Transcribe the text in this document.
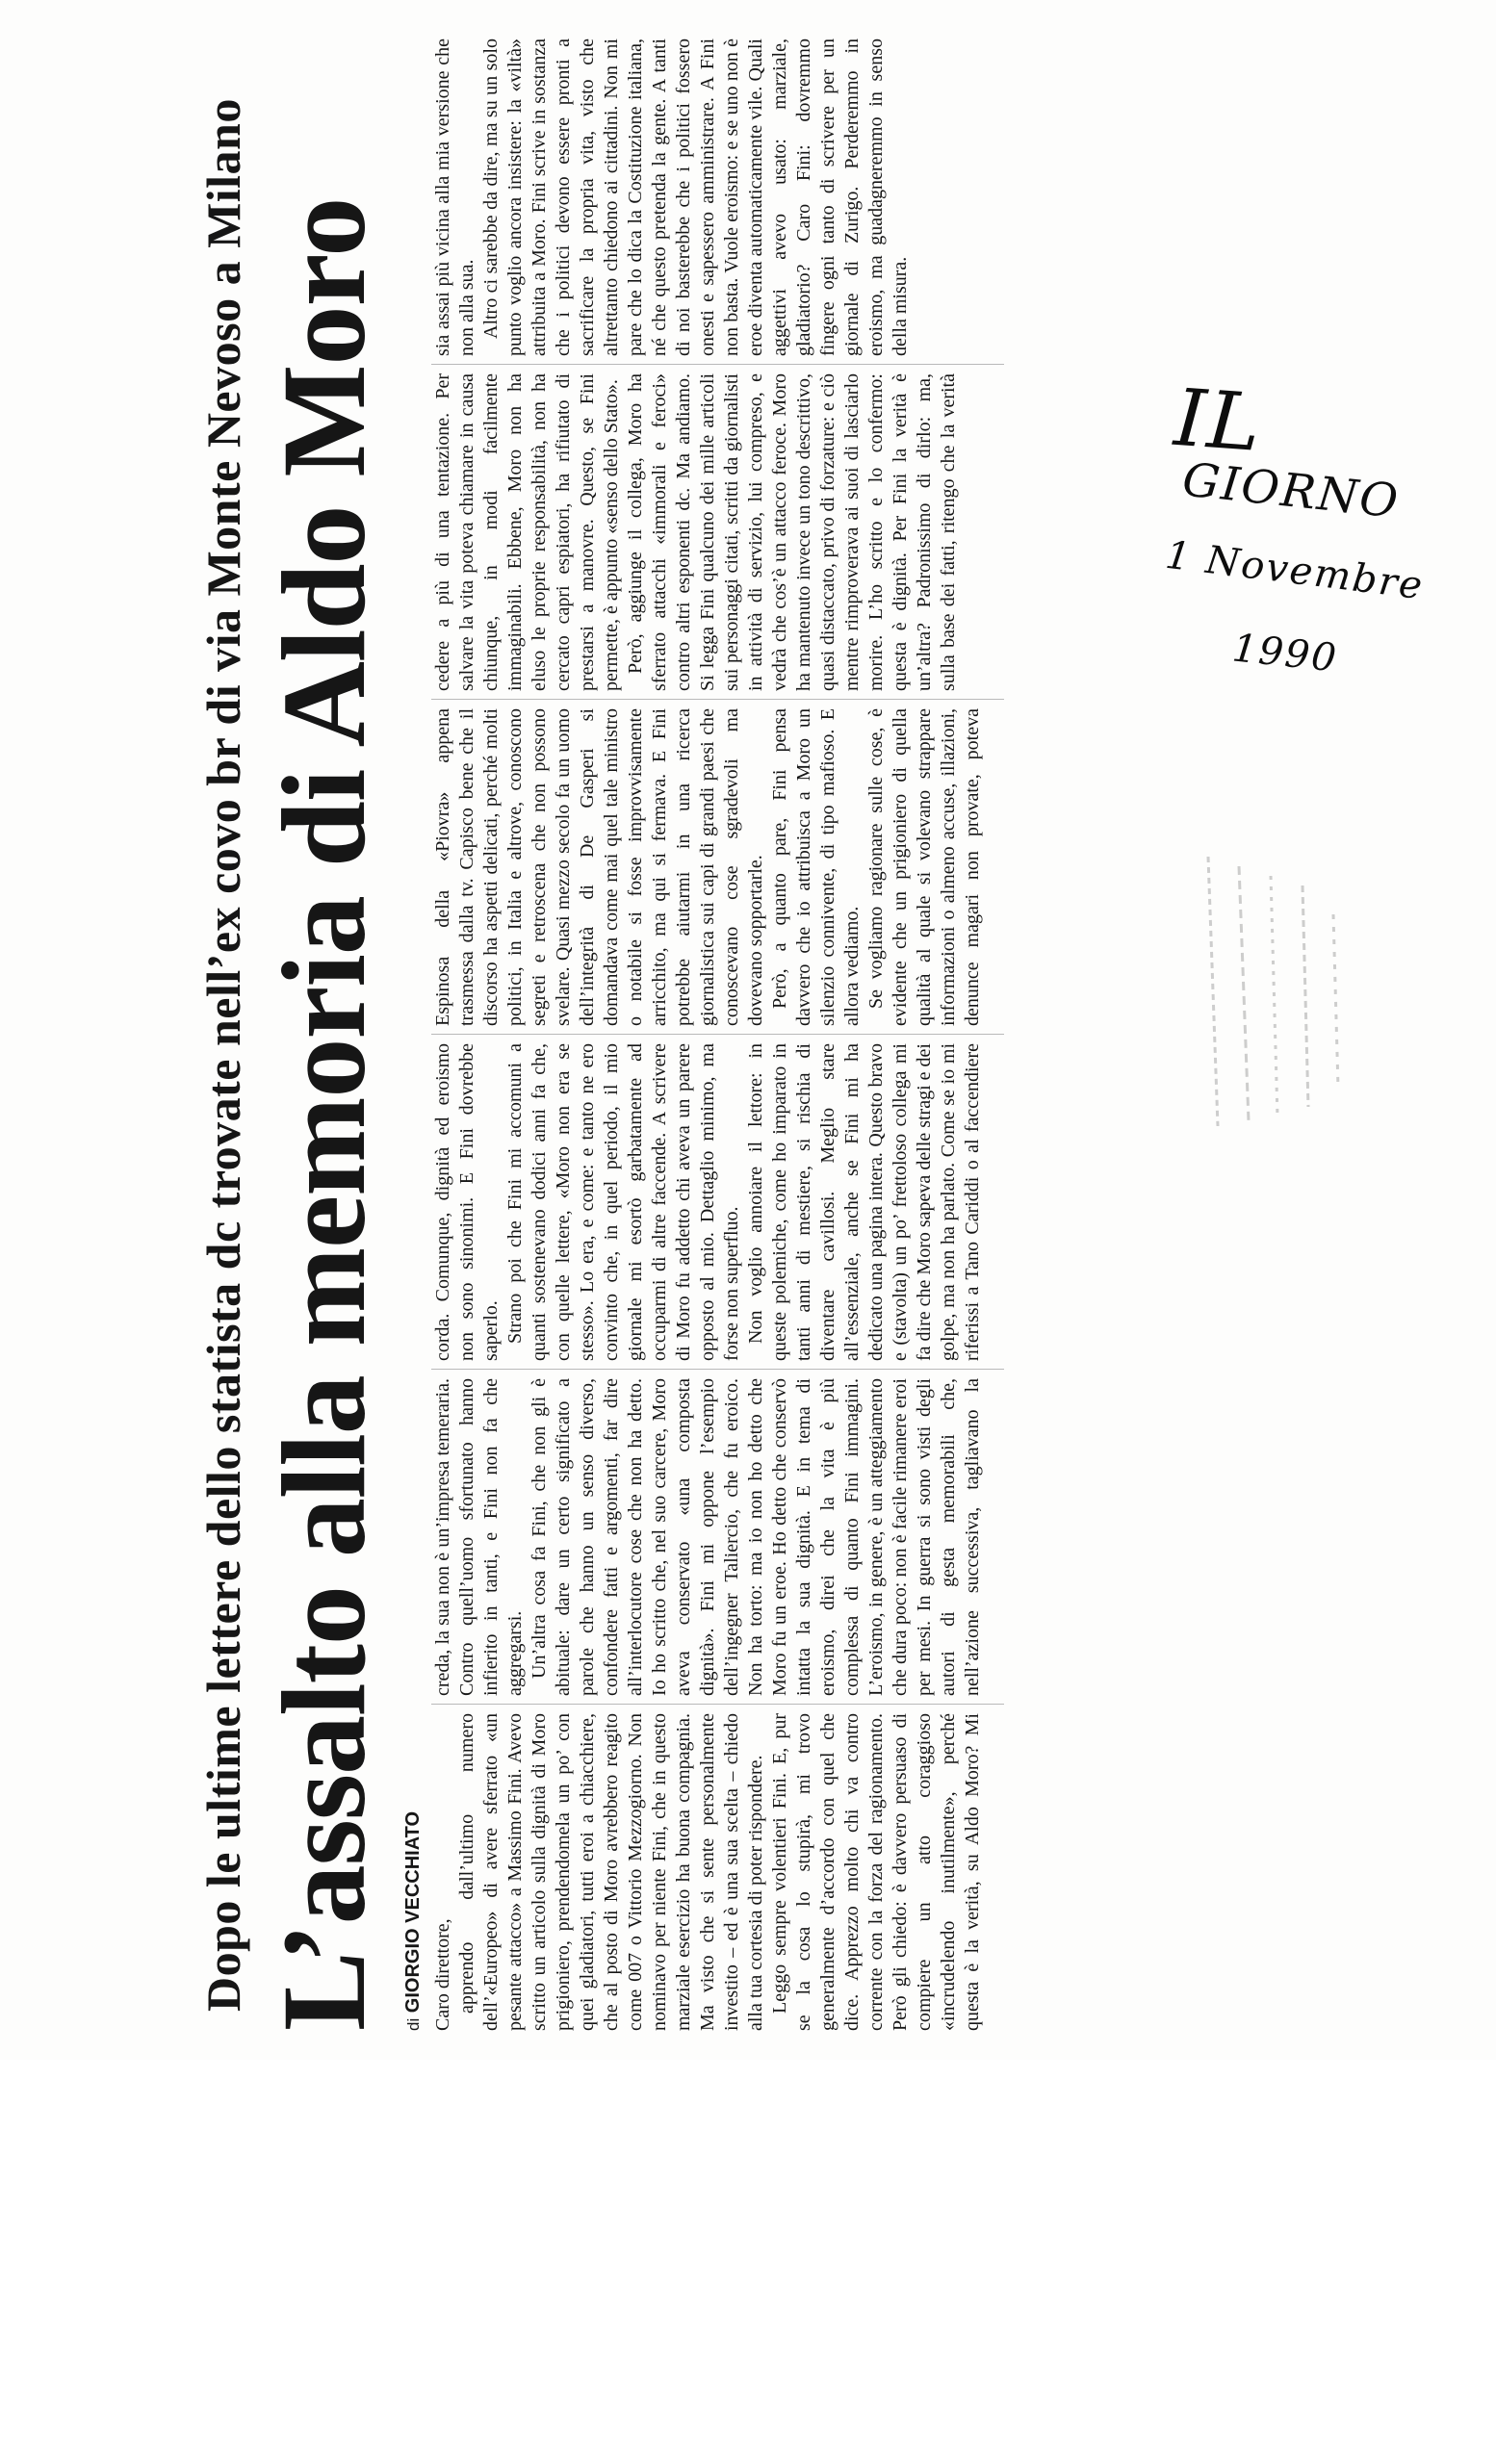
Dopo le ultime lettere dello statista dc trovate nell’ex covo br di via Monte Nevoso a Milano L’assalto alla memoria di Aldo Moro di GIORGIO VECCHIATO Caro direttore, apprendo dall’ultimo numero dell’«Europeo» di avere sferrato «un pesante attacco» a Massimo Fini. Avevo scritto un articolo sulla dignità di Moro prigioniero, prendendomela un po’ con quei gladiatori, tutti eroi a chiacchiere, che al posto di Moro avrebbero reagito come 007 o Vittorio Mezzogiorno. Non nominavo per niente Fini, che in questo marziale esercizio ha buona compagnia. Ma visto che si sente personalmente investito – ed è una sua scelta – chiedo alla tua cortesia di poter rispondere. Leggo sempre volentieri Fini. E, pur se la cosa lo stupirà, mi trovo generalmente d’accordo con quel che dice. Apprezzo molto chi va contro corrente con la forza del ragionamento. Però gli chiedo: è davvero persuaso di compiere un atto coraggioso «incrudelendo inutilmente», perché questa è la verità, su Aldo Moro? Mi creda, la sua non è un’impresa temeraria. Contro quell’uomo sfortunato hanno infierito in tanti, e Fini non fa che aggregarsi. Un’altra cosa fa Fini, che non gli è abituale: dare un certo significato a parole che hanno un senso diverso, confondere fatti e argomenti, far dire all’interlocutore cose che non ha detto. Io ho scritto che, nel suo carcere, Moro aveva conservato «una composta dignità». Fini mi oppone l’esempio dell’ingegner Taliercio, che fu eroico. Non ha torto: ma io non ho detto che Moro fu un eroe. Ho detto che conservò intatta la sua dignità. E in tema di eroismo, direi che la vita è più complessa di quanto Fini immagini. L’eroismo, in genere, è un atteggiamento che dura poco: non è facile rimanere eroi per mesi. In guerra si sono visti degli autori di gesta memorabili che, nell’azione successiva, tagliavano la corda. Comunque, dignità ed eroismo non sono sinonimi. E Fini dovrebbe saperlo. Strano poi che Fini mi accomuni a quanti sostenevano dodici anni fa che, con quelle lettere, «Moro non era se stesso». Lo era, e come: e tanto ne ero convinto che, in quel periodo, il mio giornale mi esortò garbatamente ad occuparmi di altre faccende. A scrivere di Moro fu addetto chi aveva un parere opposto al mio. Dettaglio minimo, ma forse non superfluo. Non voglio annoiare il lettore: in queste polemiche, come ho imparato in tanti anni di mestiere, si rischia di diventare cavillosi. Meglio stare all’essenziale, anche se Fini mi ha dedicato una pagina intera. Questo bravo e (stavolta) un po’ frettoloso collega mi fa dire che Moro sapeva delle stragi e dei golpe, ma non ha parlato. Come se io mi riferissi a Tano Cariddi o al faccendiere Espinosa della «Piovra» appena trasmessa dalla tv. Capisco bene che il discorso ha aspetti delicati, perché molti politici, in Italia e altrove, conoscono segreti e retroscena che non possono svelare. Quasi mezzo secolo fa un uomo dell’integrità di De Gasperi si domandava come mai quel tale ministro o notabile si fosse improvvisamente arricchito, ma qui si fermava. E Fini potrebbe aiutarmi in una ricerca giornalistica sui capi di grandi paesi che conoscevano cose sgradevoli ma dovevano sopportarle. Però, a quanto pare, Fini pensa davvero che io attribuisca a Moro un silenzio connivente, di tipo mafioso. E allora vediamo. Se vogliamo ragionare sulle cose, è evidente che un prigioniero di quella qualità al quale si volevano strappare informazioni o almeno accuse, illazioni, denunce magari non provate, poteva cedere a più di una tentazione. Per salvare la vita poteva chiamare in causa chiunque, in modi facilmente immaginabili. Ebbene, Moro non ha eluso le proprie responsabilità, non ha cercato capri espiatori, ha rifiutato di prestarsi a manovre. Questo, se Fini permette, è appunto «senso dello Stato». Però, aggiunge il collega, Moro ha sferrato attacchi «immorali e feroci» contro altri esponenti dc. Ma andiamo. Si legga Fini qualcuno dei mille articoli sui personaggi citati, scritti da giornalisti in attività di servizio, lui compreso, e vedrà che cos’è un attacco feroce. Moro ha mantenuto invece un tono descrittivo, quasi distaccato, privo di forzature: e ciò mentre rimproverava ai suoi di lasciarlo morire. L’ho scritto e lo confermo: questa è dignità. Per Fini la verità è un’altra? Padronissimo di dirlo: ma, sulla base dei fatti, ritengo che la verità sia assai più vicina alla mia versione che non alla sua. Altro ci sarebbe da dire, ma su un solo punto voglio ancora insistere: la «viltà» attribuita a Moro. Fini scrive in sostanza che i politici devono essere pronti a sacrificare la propria vita, visto che altrettanto chiedono ai cittadini. Non mi pare che lo dica la Costituzione italiana, né che questo pretenda la gente. A tanti di noi basterebbe che i politici fossero onesti e sapessero amministrare. A Fini non basta. Vuole eroismo: e se uno non è eroe diventa automaticamente vile. Quali aggettivi avevo usato: marziale, gladiatorio? Caro Fini: dovremmo fingere ogni tanto di scrivere per un giornale di Zurigo. Perderemmo in eroismo, ma guadagneremmo in senso della misura.

IL
GIORNO
1 Novembre
1990
